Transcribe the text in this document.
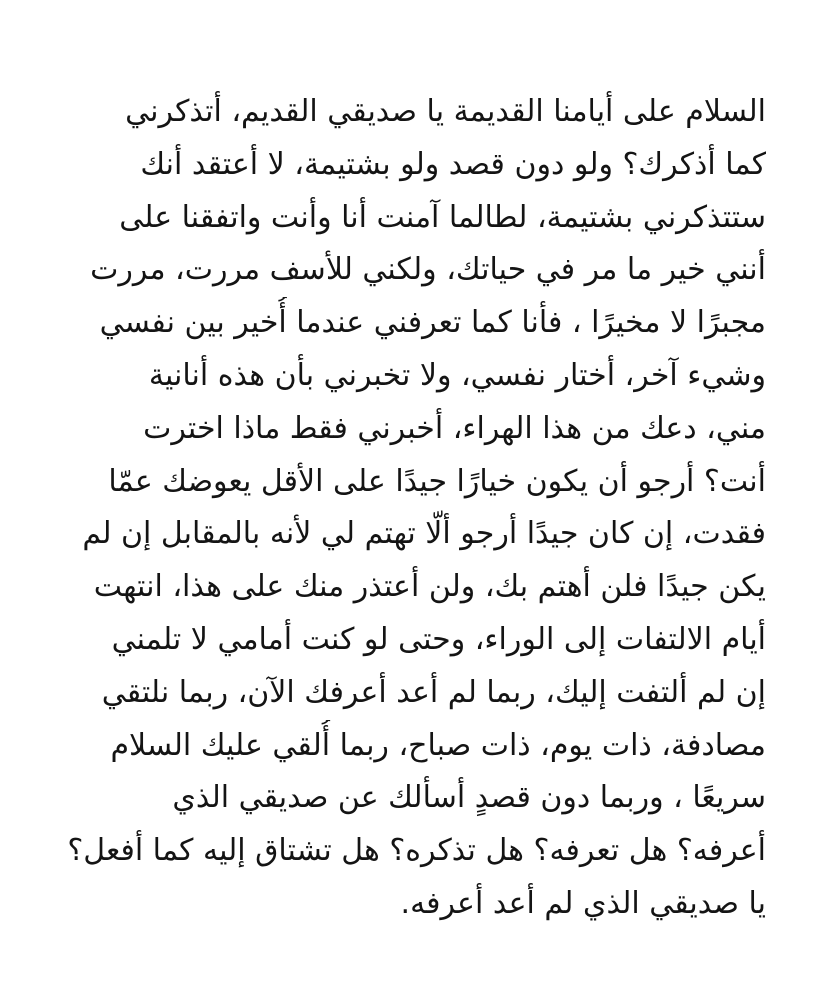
السلام على أيامنا القديمة يا صديقي القديم، أتذكرني
كما أذكرك؟ ولو دون قصد ولو بشتيمة، لا أعتقد أنك
ستتذكرني بشتيمة، لطالما آمنت أنا وأنت واتفقنا على
أنني خير ما مر في حياتك، ولكني للأسف مررت، مررت
مجبرًا لا مخيرًا ، فأنا كما تعرفني عندما أُخير بين نفسي
وشيء آخر، أختار نفسي، ولا تخبرني بأن هذه أنانية
مني، دعك من هذا الهراء، أخبرني فقط ماذا اخترت
أنت؟ أرجو أن يكون خيارًا جيدًا على الأقل يعوضك عمّا
فقدت، إن كان جيدًا أرجو ألّا تهتم لي لأنه بالمقابل إن لم
يكن جيدًا فلن أهتم بك، ولن أعتذر منك على هذا، انتهت
أيام الالتفات إلى الوراء، وحتى لو كنت أمامي لا تلمني
إن لم ألتفت إليك، ربما لم أعد أعرفك الآن، ربما نلتقي
مصادفة، ذات يوم، ذات صباح، ربما أُلقي عليك السلام
سريعًا ، وربما دون قصدٍ أسألك عن صديقي الذي
أعرفه؟ هل تعرفه؟ هل تذكره؟ هل تشتاق إليه كما أفعل؟
يا صديقي الذي لم أعد أعرفه.
